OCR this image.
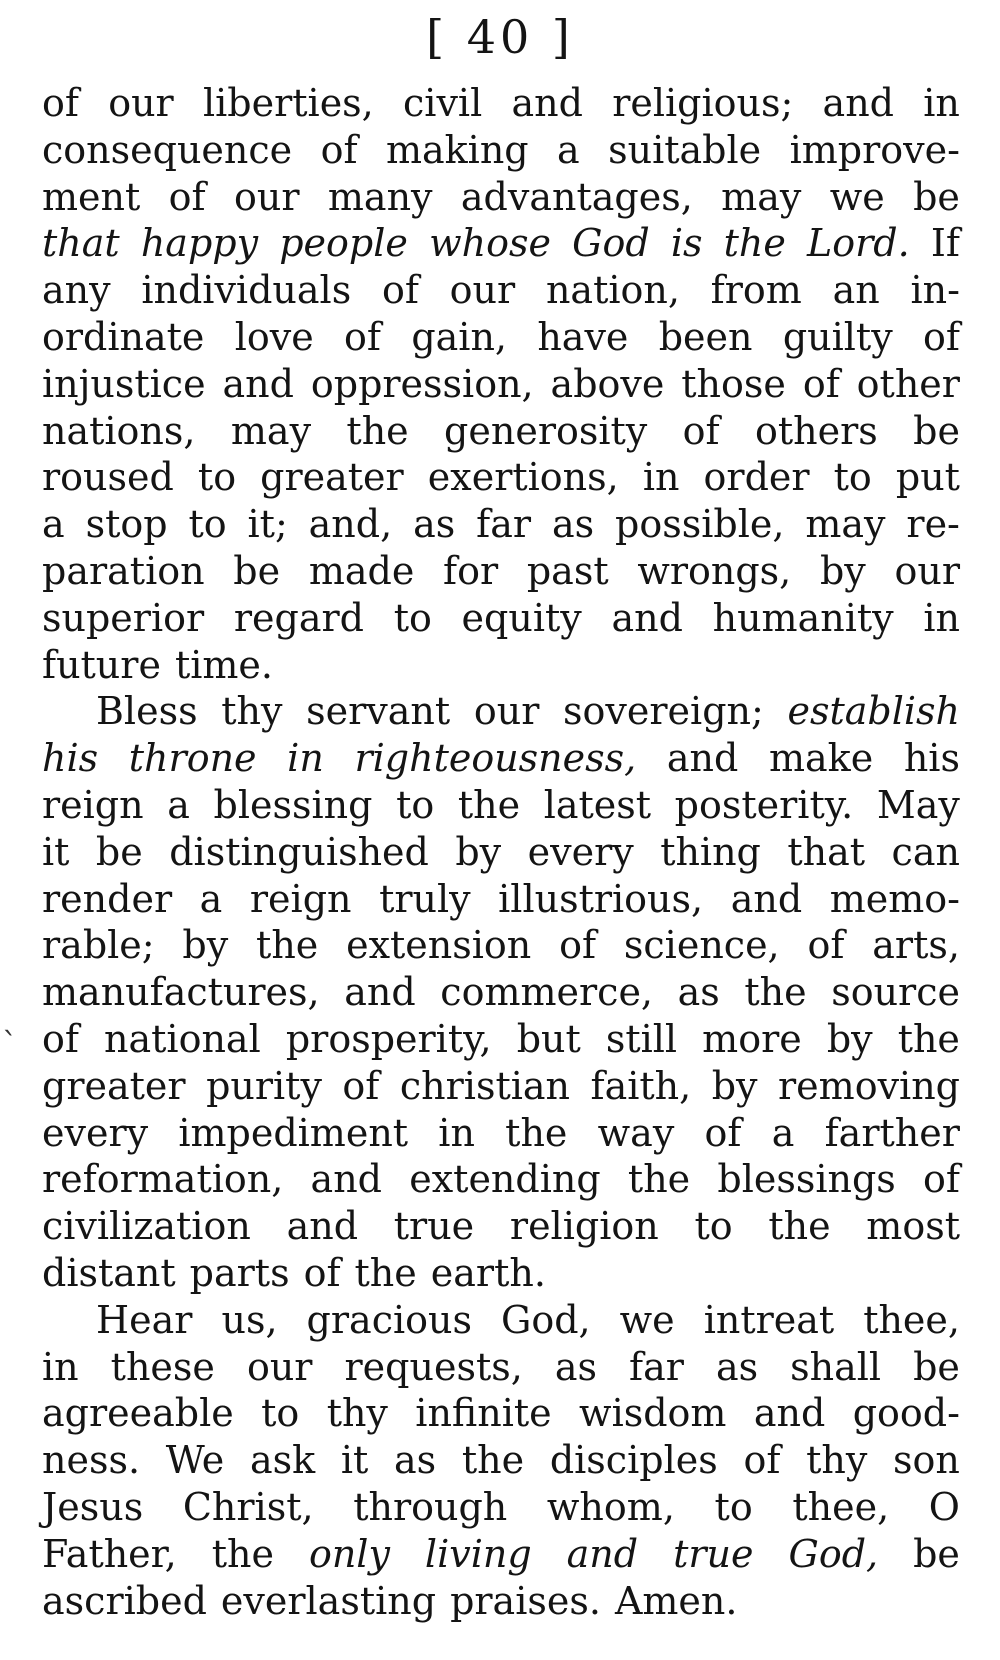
[ 40 ]
ˋ
of our liberties, civil and religious; and in
consequence of making a suitable improve-
ment of our many advantages, may we be
that happy people whose God is the Lord. If
any individuals of our nation, from an in-
ordinate love of gain, have been guilty of
injustice and oppression, above those of other
nations, may the generosity of others be
roused to greater exertions, in order to put
a stop to it; and, as far as possible, may re-
paration be made for past wrongs, by our
superior regard to equity and humanity in
future time.
Bless thy servant our sovereign; establish
his throne in righteousness, and make his
reign a blessing to the latest posterity. May
it be distinguished by every thing that can
render a reign truly illustrious, and memo-
rable; by the extension of science, of arts,
manufactures, and commerce, as the source
of national prosperity, but still more by the
greater purity of christian faith, by removing
every impediment in the way of a farther
reformation, and extending the blessings of
civilization and true religion to the most
distant parts of the earth.
Hear us, gracious God, we intreat thee,
in these our requests, as far as shall be
agreeable to thy infinite wisdom and good-
ness. We ask it as the disciples of thy son
Jesus Christ, through whom, to thee, O
Father, the only living and true God, be
ascribed everlasting praises. Amen.
